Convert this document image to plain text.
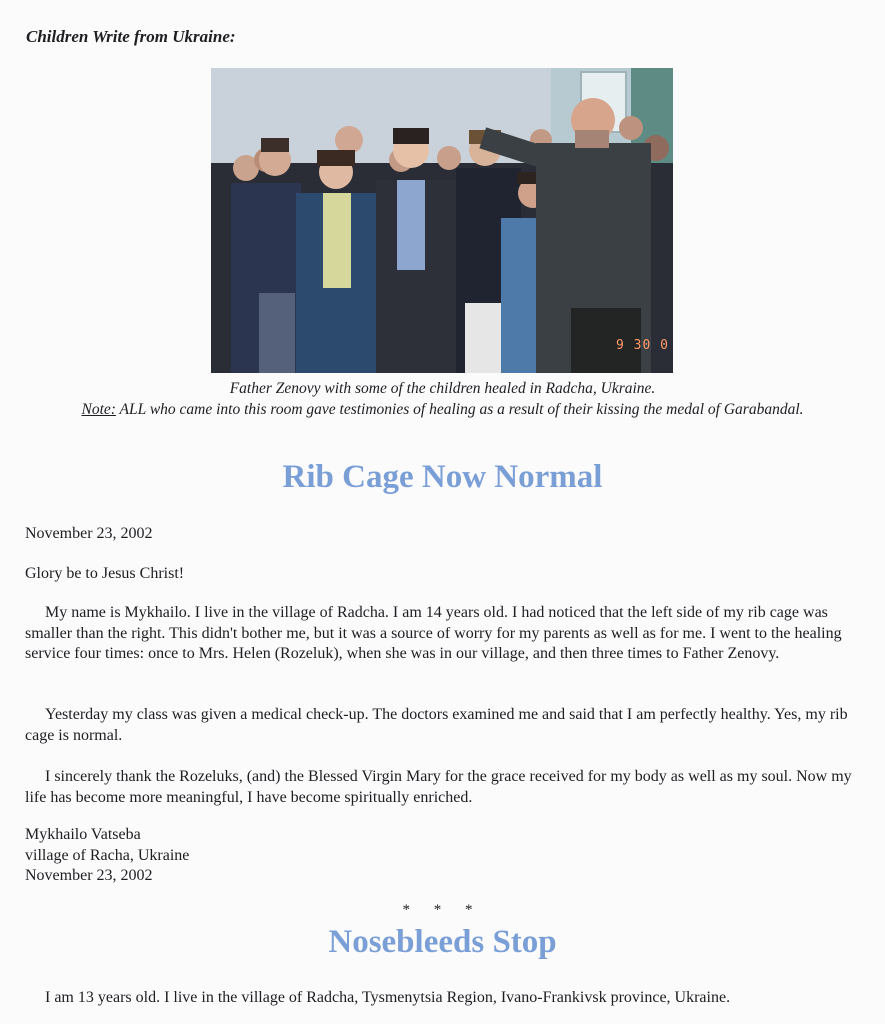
Children Write from Ukraine:
9 30 0
Father Zenovy with some of the children healed in Radcha, Ukraine.
Note: ALL who came into this room gave testimonies of healing as a result of their kissing the medal of Garabandal.
Rib Cage Now Normal

November 23, 2002

Glory be to Jesus Christ!

My name is Mykhailo. I live in the village of Radcha. I am 14 years old. I had noticed that the left side of my rib cage was smaller than the right. This didn't bother me, but it was a source of worry for my parents as well as for me. I went to the healing service four times: once to Mrs. Helen (Rozeluk), when she was in our village, and then three times to Father Zenovy.

Yesterday my class was given a medical check-up. The doctors examined me and said that I am perfectly healthy. Yes, my rib cage is normal.

I sincerely thank the Rozeluks, (and) the Blessed Virgin Mary for the grace received for my body as well as my soul. Now my life has become more meaningful, I have become spiritually enriched.

Mykhailo Vatseba
village of Racha, Ukraine
November 23, 2002
* * *
Nosebleeds Stop

I am 13 years old. I live in the village of Radcha, Tysmenytsia Region, Ivano-Frankivsk province, Ukraine.
